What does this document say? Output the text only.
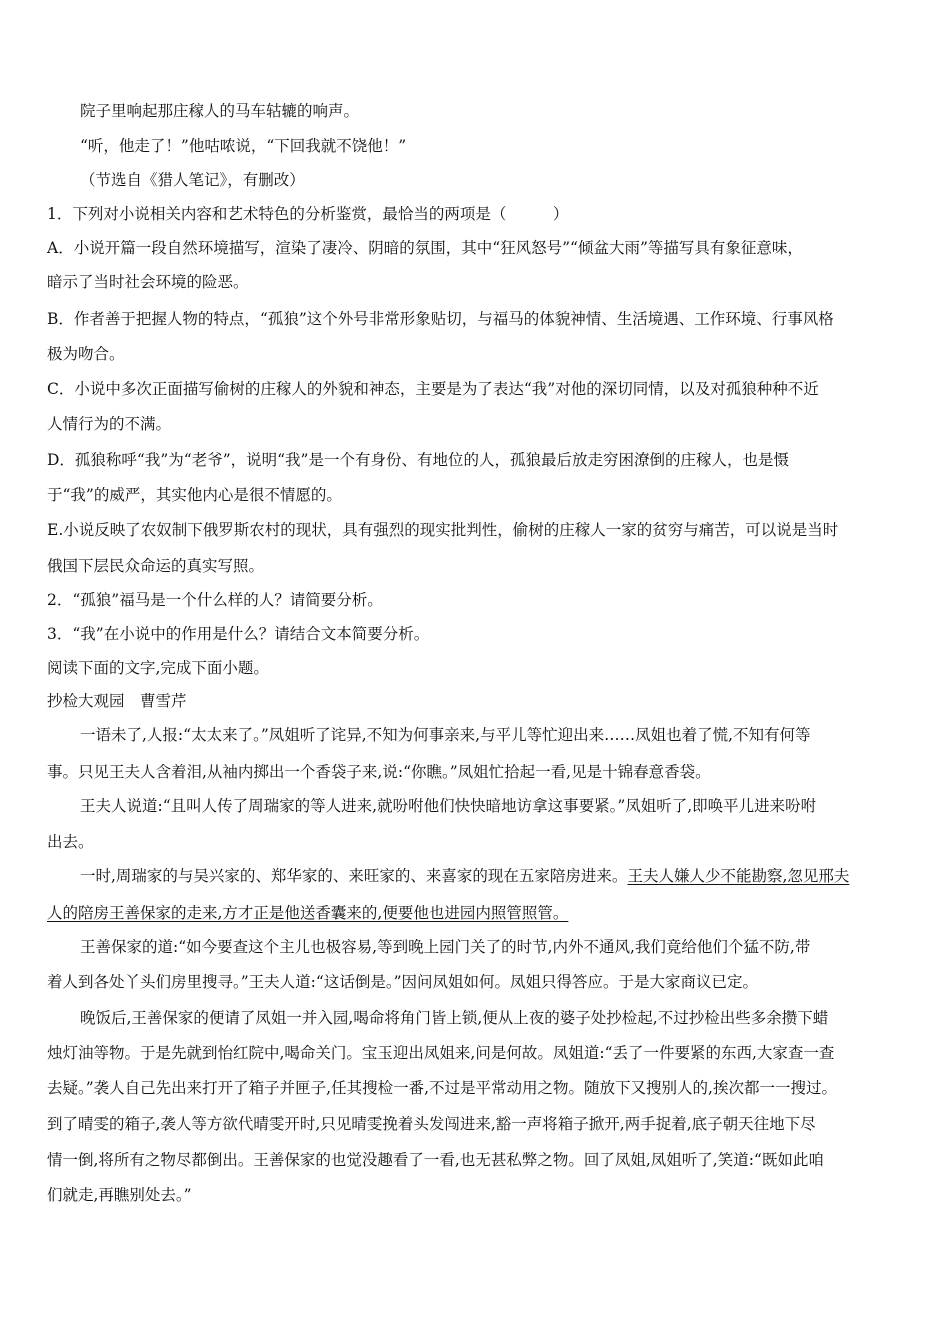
院子里响起那庄稼人的马车轱辘的响声。
“听，他走了！”他咕哝说，“下回我就不饶他！”
（节选自《猎人笔记》，有删改）
1．下列对小说相关内容和艺术特色的分析鉴赏，最恰当的两项是（　　　）
A．小说开篇一段自然环境描写，渲染了凄冷、阴暗的氛围，其中“狂风怒号”“倾盆大雨”等描写具有象征意味，
暗示了当时社会环境的险恶。
B．作者善于把握人物的特点，“孤狼”这个外号非常形象贴切，与福马的体貌神情、生活境遇、工作环境、行事风格
极为吻合。
C．小说中多次正面描写偷树的庄稼人的外貌和神态，主要是为了表达“我”对他的深切同情，以及对孤狼种种不近
人情行为的不满。
D．孤狼称呼“我”为“老爷”，说明“我”是一个有身份、有地位的人，孤狼最后放走穷困潦倒的庄稼人，也是慑
于“我”的威严，其实他内心是很不情愿的。
E.小说反映了农奴制下俄罗斯农村的现状，具有强烈的现实批判性，偷树的庄稼人一家的贫穷与痛苦，可以说是当时
俄国下层民众命运的真实写照。
2．“孤狼”福马是一个什么样的人？请简要分析。
3．“我”在小说中的作用是什么？请结合文本简要分析。
阅读下面的文字,完成下面小题。
抄检大观园　曹雪芹
一语未了,人报:“太太来了。”凤姐听了诧异,不知为何事亲来,与平儿等忙迎出来……凤姐也着了慌,不知有何等
事。只见王夫人含着泪,从袖内掷出一个香袋子来,说:“你瞧。”凤姐忙拾起一看,见是十锦春意香袋。
王夫人说道:“且叫人传了周瑞家的等人进来,就吩咐他们快快暗地访拿这事要紧。”凤姐听了,即唤平儿进来吩咐
出去。
一时,周瑞家的与吴兴家的、郑华家的、来旺家的、来喜家的现在五家陪房进来。王夫人嫌人少不能勘察,忽见邢夫
人的陪房王善保家的走来,方才正是他送香囊来的,便要他也进园内照管照管。
王善保家的道:“如今要查这个主儿也极容易,等到晚上园门关了的时节,内外不通风,我们竟给他们个猛不防,带
着人到各处丫头们房里搜寻。”王夫人道:“这话倒是。”因问凤姐如何。凤姐只得答应。于是大家商议已定。
晚饭后,王善保家的便请了凤姐一并入园,喝命将角门皆上锁,便从上夜的婆子处抄检起,不过抄检出些多余攒下蜡
烛灯油等物。于是先就到怡红院中,喝命关门。宝玉迎出凤姐来,问是何故。凤姐道:“丢了一件要紧的东西,大家查一查
去疑。”袭人自己先出来打开了箱子并匣子,任其搜检一番,不过是平常动用之物。随放下又搜别人的,挨次都一一搜过。
到了晴雯的箱子,袭人等方欲代晴雯开时,只见晴雯挽着头发闯进来,豁一声将箱子掀开,两手捉着,底子朝天往地下尽
情一倒,将所有之物尽都倒出。王善保家的也觉没趣看了一看,也无甚私弊之物。回了凤姐,凤姐听了,笑道:“既如此咱
们就走,再瞧别处去。”
